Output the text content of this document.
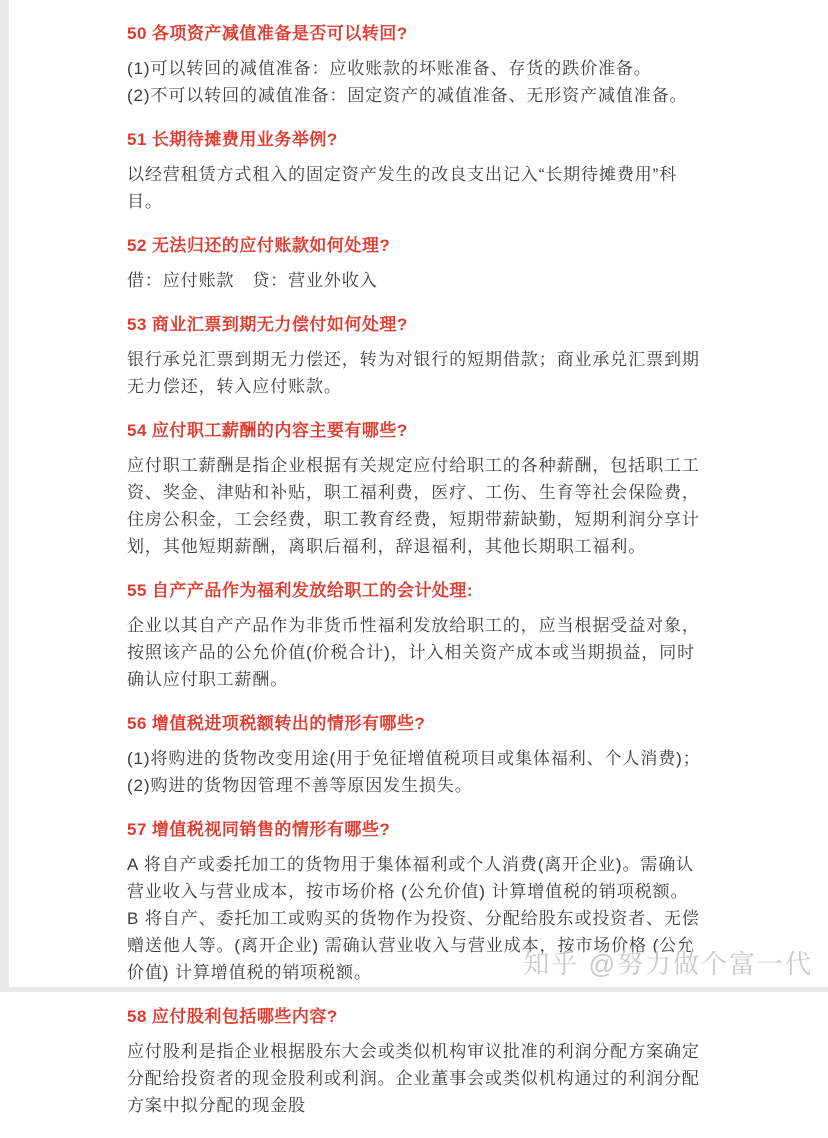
50 各项资产减值准备是否可以转回?

(1)可以转回的减值准备：应收账款的坏账准备、存货的跌价准备。

(2)不可以转回的减值准备：固定资产的减值准备、无形资产减值准备。

51 长期待摊费用业务举例?

以经营租赁方式租入的固定资产发生的改良支出记入“长期待摊费用”科目。

52 无法归还的应付账款如何处理?

借：应付账款　贷：营业外收入

53 商业汇票到期无力偿付如何处理?

银行承兑汇票到期无力偿还，转为对银行的短期借款；商业承兑汇票到期无力偿还，转入应付账款。

54 应付职工薪酬的内容主要有哪些?

应付职工薪酬是指企业根据有关规定应付给职工的各种薪酬，包括职工工资、奖金、津贴和补贴，职工福利费，医疗、工伤、生育等社会保险费，住房公积金，工会经费，职工教育经费，短期带薪缺勤，短期利润分享计划，其他短期薪酬，离职后福利，辞退福利，其他长期职工福利。

55 自产产品作为福利发放给职工的会计处理:

企业以其自产产品作为非货币性福利发放给职工的，应当根据受益对象，按照该产品的公允价值(价税合计)，计入相关资产成本或当期损益，同时确认应付职工薪酬。

56 增值税进项税额转出的情形有哪些?

(1)将购进的货物改变用途(用于免征增值税项目或集体福利、个人消费)；

(2)购进的货物因管理不善等原因发生损失。

57 增值税视同销售的情形有哪些?

A 将自产或委托加工的货物用于集体福利或个人消费(离开企业)。需确认营业收入与营业成本，按市场价格 (公允价值) 计算增值税的销项税额。

B 将自产、委托加工或购买的货物作为投资、分配给股东或投资者、无偿赠送他人等。(离开企业) 需确认营业收入与营业成本，按市场价格 (公允价值) 计算增值税的销项税额。

58 应付股利包括哪些内容?

应付股利是指企业根据股东大会或类似机构审议批准的利润分配方案确定分配给投资者的现金股利或利润。企业董事会或类似机构通过的利润分配方案中拟分配的现金股

知乎 @努力做个富一代
